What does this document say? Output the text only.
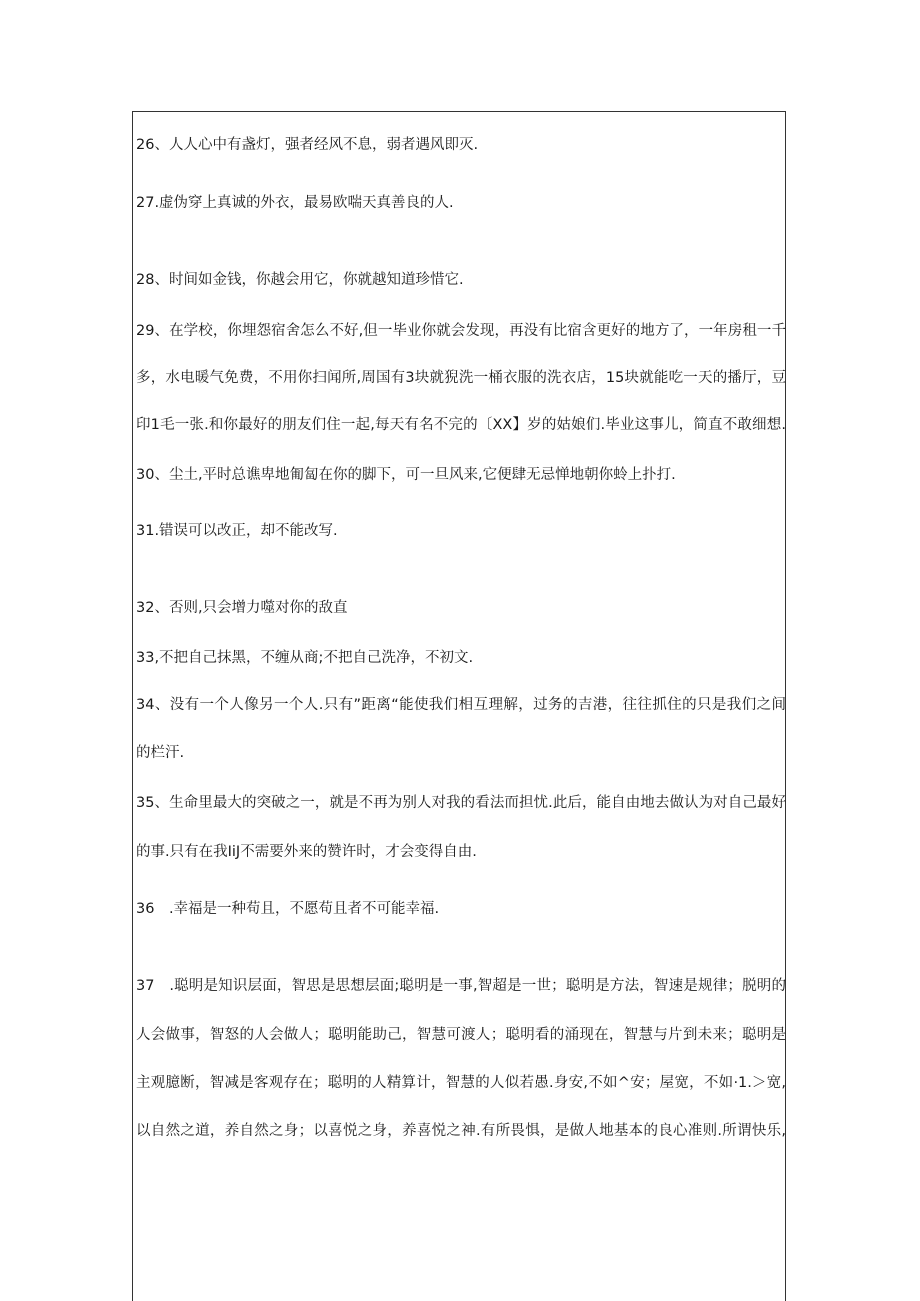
26、人人心中有盏灯，强者经风不息，弱者遇风即灭.
27.虚伪穿上真诚的外衣，最易欧喘天真善良的人.
28、时间如金钱，你越会用它，你就越知道珍惜它.
29、在学校，你埋怨宿舍怎么不好,但一毕业你就会发现，再没有比宿含更好的地方了，一年房租一千
多，水电暖气免费，不用你扫闻所,周国有3块就猊洗一桶衣服的洗衣店，15块就能吃一天的播厅，豆
印1毛一张.和你最好的朋友们住一起,每天有名不完的〔XX】岁的姑娘们.毕业这事儿，简直不敢细想.
30、尘土,平时总谯卑地匍匐在你的脚下，可一旦风来,它便肆无忌惮地朝你蛉上扑打.
31.错误可以改正，却不能改写.
32、否则,只会增力噬对你的敌直
33,不把自己抹黑，不缠从商;不把自己洗净，不初文.
34、没有一个人像另一个人.只有”距离“能使我们相互理解，过务的吉港，往往抓住的只是我们之间
的栏汗.
35、生命里最大的突破之一，就是不再为别人对我的看法而担忧.此后，能自由地去做认为对自己最好
的事.只有在我IiJ不需要外来的赞许时，才会变得自由.
36　.幸福是一种苟且，不愿苟且者不可能幸福.
37　.聪明是知识层面，智思是思想层面;聪明是一事,智超是一世；聪明是方法，智速是规律；脱明的
人会做事，智怒的人会做人；聪明能助己，智慧可渡人；聪明看的涌现在，智慧与片到未来；聪明是
主观臆断，智减是客观存在；聪明的人精算计，智慧的人似若愚.身安,不如^安；屋宽，不如·1.＞宽,
以自然之道，养自然之身；以喜悦之身，养喜悦之神.有所畏惧，是做人地基本的良心准则.所谓快乐,
